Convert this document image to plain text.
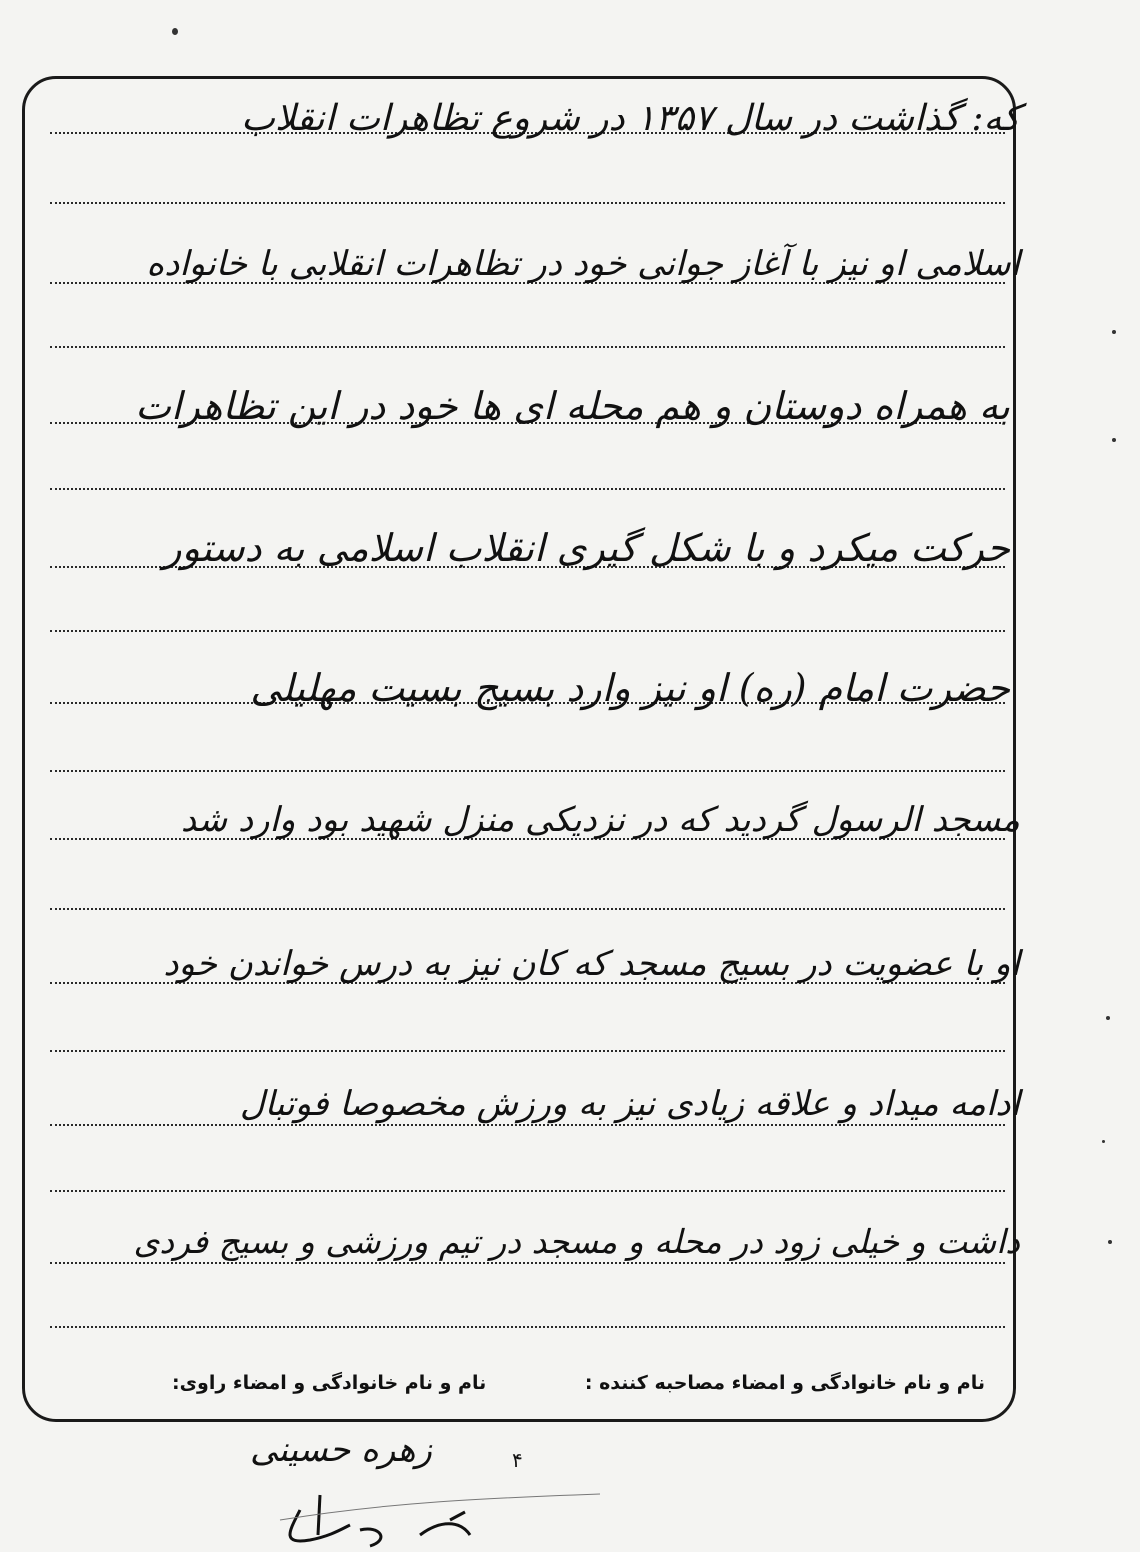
که: گذاشت در سال ۱۳۵۷ در شروع تظاهرات انقلاب
اسلامی او نیز با آغاز جوانی خود در تظاهرات انقلابی با خانواده
به همراه دوستان و هم محله ای ها خود در این تظاهرات
حرکت میکرد و با شکل گیری انقلاب اسلامی به دستور
حضرت امام (ره) او نیز وارد بسیج بسیت مهلیلی
مسجد الرسول گردید که در نزدیکی منزل شهید بود وارد شد
او با عضویت در بسیج مسجد که کان نیز به درس خواندن خود
ادامه میداد و علاقه زیادی نیز به ورزش مخصوصا فوتبال
داشت و خیلی زود در محله و مسجد در تیم ورزشی و بسیج فردی
نام و نام خانوادگی و امضاء مصاحبه کننده :
نام و نام خانوادگی و امضاء راوی:
زهره حسینی	۴
